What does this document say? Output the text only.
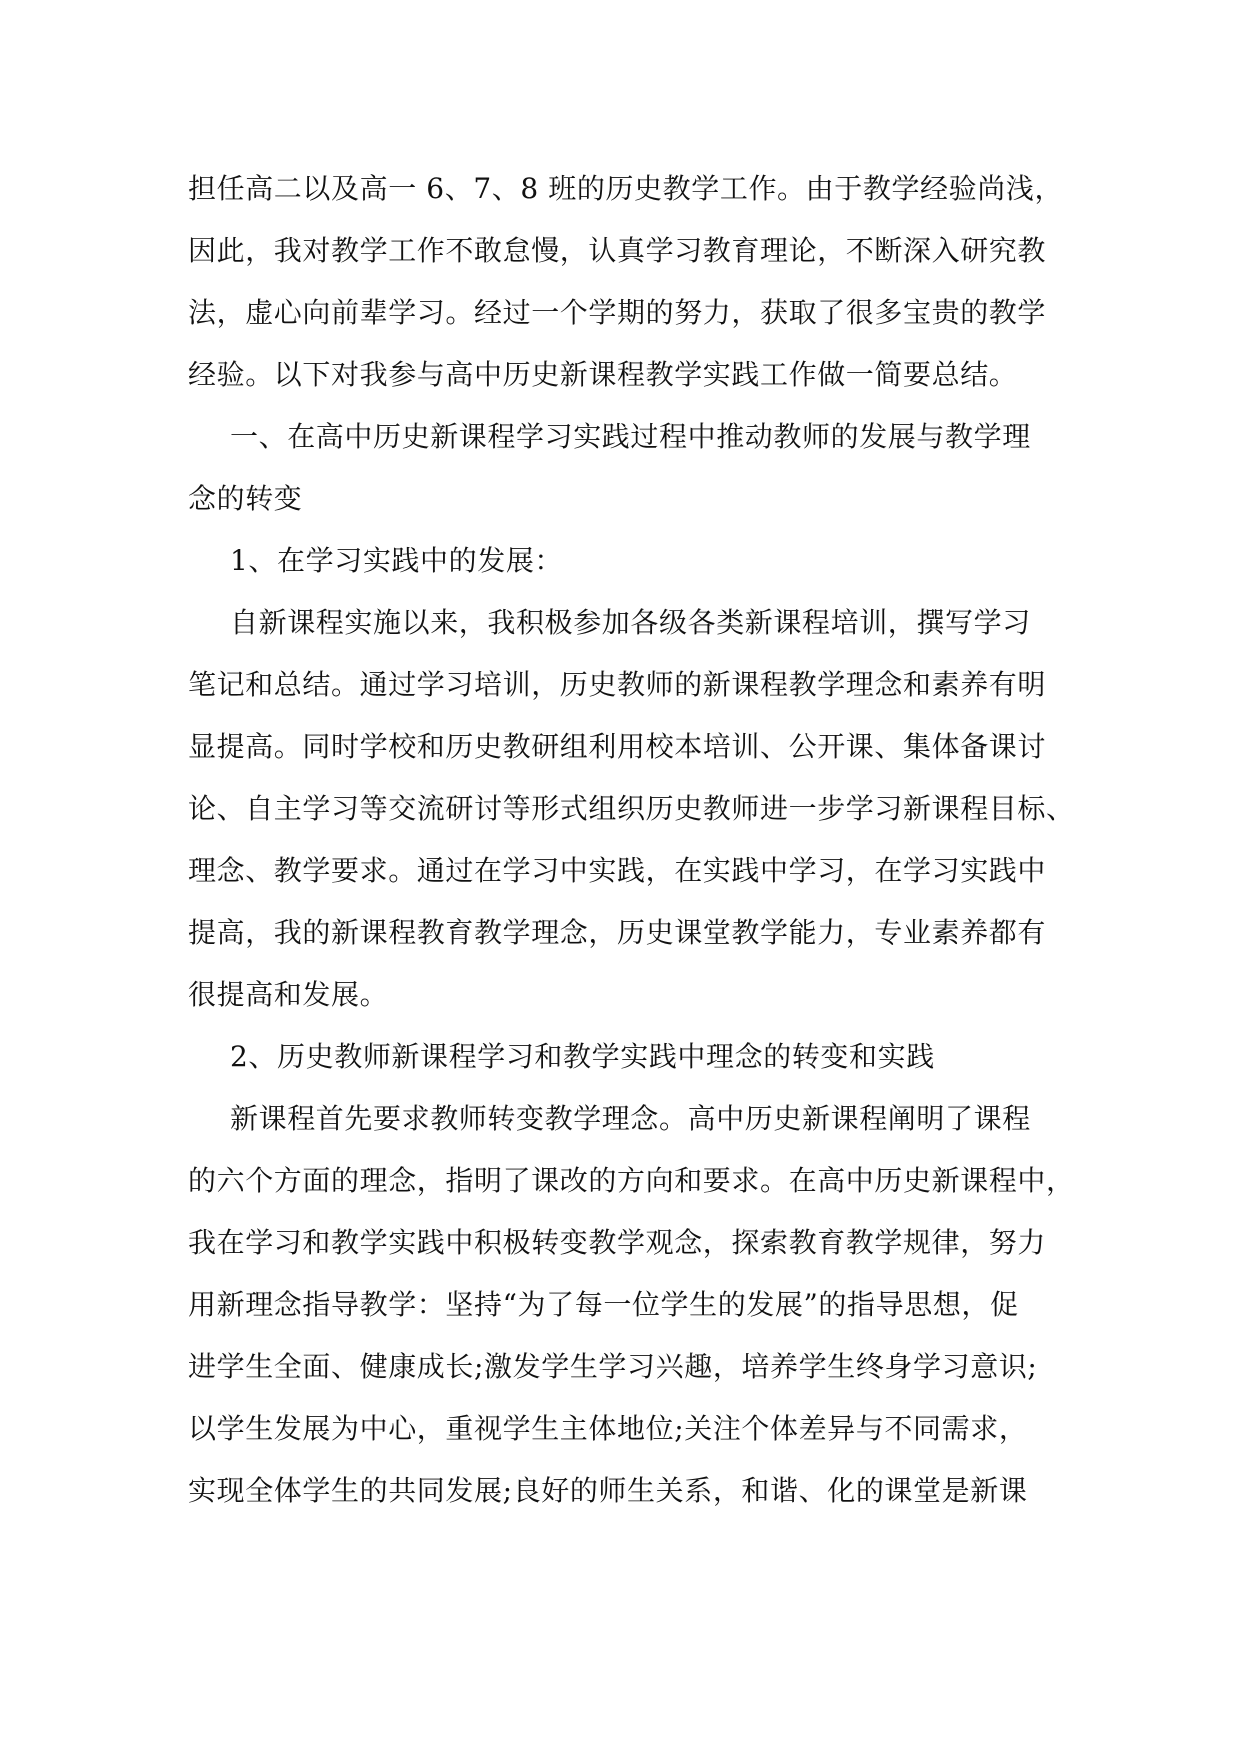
担任高二以及高一 6、7、8 班的历史教学工作。由于教学经验尚浅，
因此，我对教学工作不敢怠慢，认真学习教育理论，不断深入研究教
法，虚心向前辈学习。经过一个学期的努力，获取了很多宝贵的教学
经验。以下对我参与高中历史新课程教学实践工作做一简要总结。
一、在高中历史新课程学习实践过程中推动教师的发展与教学理
念的转变
1、在学习实践中的发展：
自新课程实施以来，我积极参加各级各类新课程培训，撰写学习
笔记和总结。通过学习培训，历史教师的新课程教学理念和素养有明
显提高。同时学校和历史教研组利用校本培训、公开课、集体备课讨
论、自主学习等交流研讨等形式组织历史教师进一步学习新课程目标、
理念、教学要求。通过在学习中实践，在实践中学习，在学习实践中
提高，我的新课程教育教学理念，历史课堂教学能力，专业素养都有
很提高和发展。
2、历史教师新课程学习和教学实践中理念的转变和实践
新课程首先要求教师转变教学理念。高中历史新课程阐明了课程
的六个方面的理念，指明了课改的方向和要求。在高中历史新课程中，
我在学习和教学实践中积极转变教学观念，探索教育教学规律，努力
用新理念指导教学：坚持“为了每一位学生的发展”的指导思想，促
进学生全面、健康成长;激发学生学习兴趣，培养学生终身学习意识;
以学生发展为中心，重视学生主体地位;关注个体差异与不同需求，
实现全体学生的共同发展;良好的师生关系，和谐、化的课堂是新课
